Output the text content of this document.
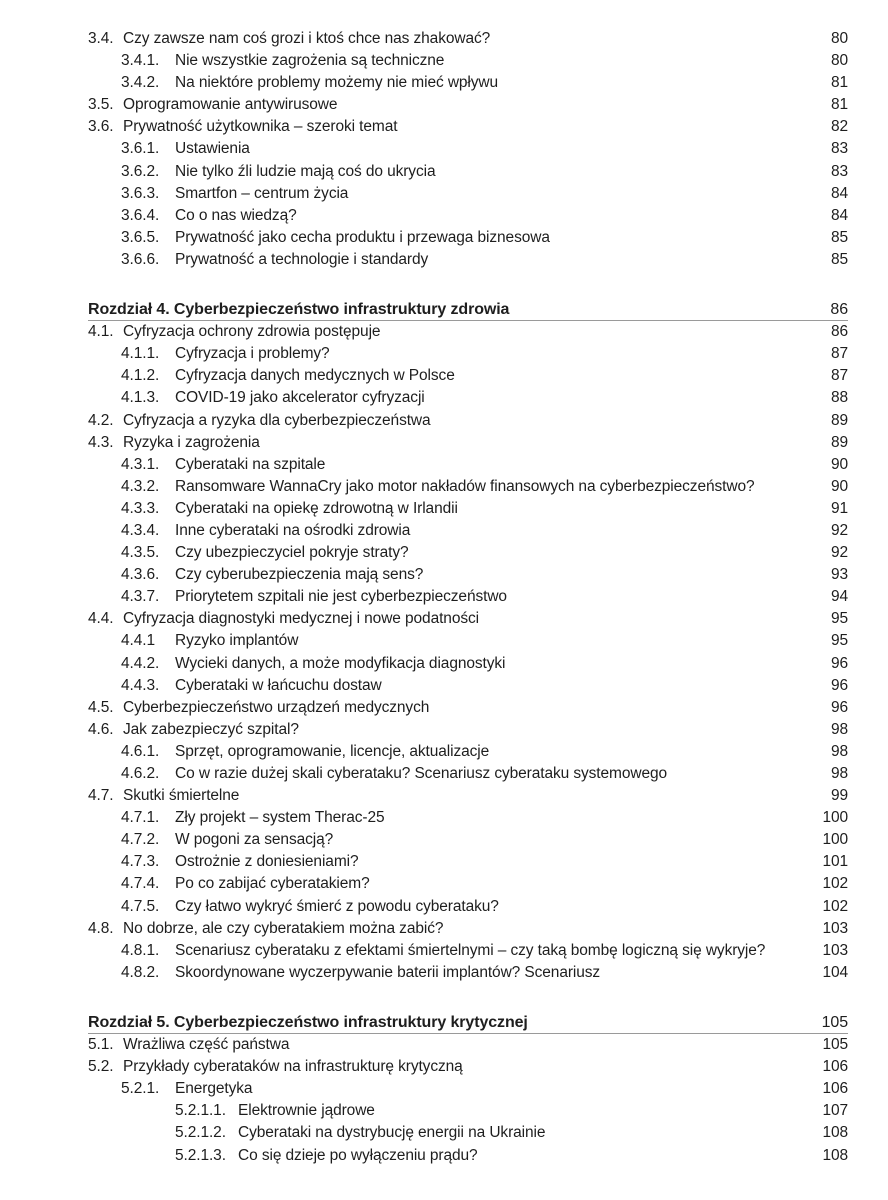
3.4. Czy zawsze nam coś grozi i ktoś chce nas zhakować?	80
3.4.1. Nie wszystkie zagrożenia są techniczne	80
3.4.2. Na niektóre problemy możemy nie mieć wpływu	81
3.5. Oprogramowanie antywirusowe	81
3.6. Prywatność użytkownika – szeroki temat	82
3.6.1. Ustawienia	83
3.6.2. Nie tylko źli ludzie mają coś do ukrycia	83
3.6.3. Smartfon – centrum życia	84
3.6.4. Co o nas wiedzą?	84
3.6.5. Prywatność jako cecha produktu i przewaga biznesowa	85
3.6.6. Prywatność a technologie i standardy	85
Rozdział 4. Cyberbezpieczeństwo infrastruktury zdrowia	86
4.1. Cyfryzacja ochrony zdrowia postępuje	86
4.1.1. Cyfryzacja i problemy?	87
4.1.2. Cyfryzacja danych medycznych w Polsce	87
4.1.3. COVID-19 jako akcelerator cyfryzacji	88
4.2. Cyfryzacja a ryzyka dla cyberbezpieczeństwa	89
4.3. Ryzyka i zagrożenia	89
4.3.1. Cyberataki na szpitale	90
4.3.2. Ransomware WannaCry jako motor nakładów finansowych na cyberbezpieczeństwo?	90
4.3.3. Cyberataki na opiekę zdrowotną w Irlandii	91
4.3.4. Inne cyberataki na ośrodki zdrowia	92
4.3.5. Czy ubezpieczyciel pokryje straty?	92
4.3.6. Czy cyberubezpieczenia mają sens?	93
4.3.7. Priorytetem szpitali nie jest cyberbezpieczeństwo	94
4.4. Cyfryzacja diagnostyki medycznej i nowe podatności	95
4.4.1 Ryzyko implantów	95
4.4.2. Wycieki danych, a może modyfikacja diagnostyki	96
4.4.3. Cyberataki w łańcuchu dostaw	96
4.5. Cyberbezpieczeństwo urządzeń medycznych	96
4.6. Jak zabezpieczyć szpital?	98
4.6.1. Sprzęt, oprogramowanie, licencje, aktualizacje	98
4.6.2. Co w razie dużej skali cyberataku? Scenariusz cyberataku systemowego	98
4.7. Skutki śmiertelne	99
4.7.1. Zły projekt – system Therac-25	100
4.7.2. W pogoni za sensacją?	100
4.7.3. Ostrożnie z doniesieniami?	101
4.7.4. Po co zabijać cyberatakiem?	102
4.7.5. Czy łatwo wykryć śmierć z powodu cyberataku?	102
4.8. No dobrze, ale czy cyberatakiem można zabić?	103
4.8.1. Scenariusz cyberataku z efektami śmiertelnymi – czy taką bombę logiczną się wykryje?	103
4.8.2. Skoordynowane wyczerpywanie baterii implantów? Scenariusz	104
Rozdział 5. Cyberbezpieczeństwo infrastruktury krytycznej	105
5.1. Wrażliwa część państwa	105
5.2. Przykłady cyberataków na infrastrukturę krytyczną	106
5.2.1. Energetyka	106
5.2.1.1. Elektrownie jądrowe	107
5.2.1.2. Cyberataki na dystrybucję energii na Ukrainie	108
5.2.1.3. Co się dzieje po wyłączeniu prądu?	108
